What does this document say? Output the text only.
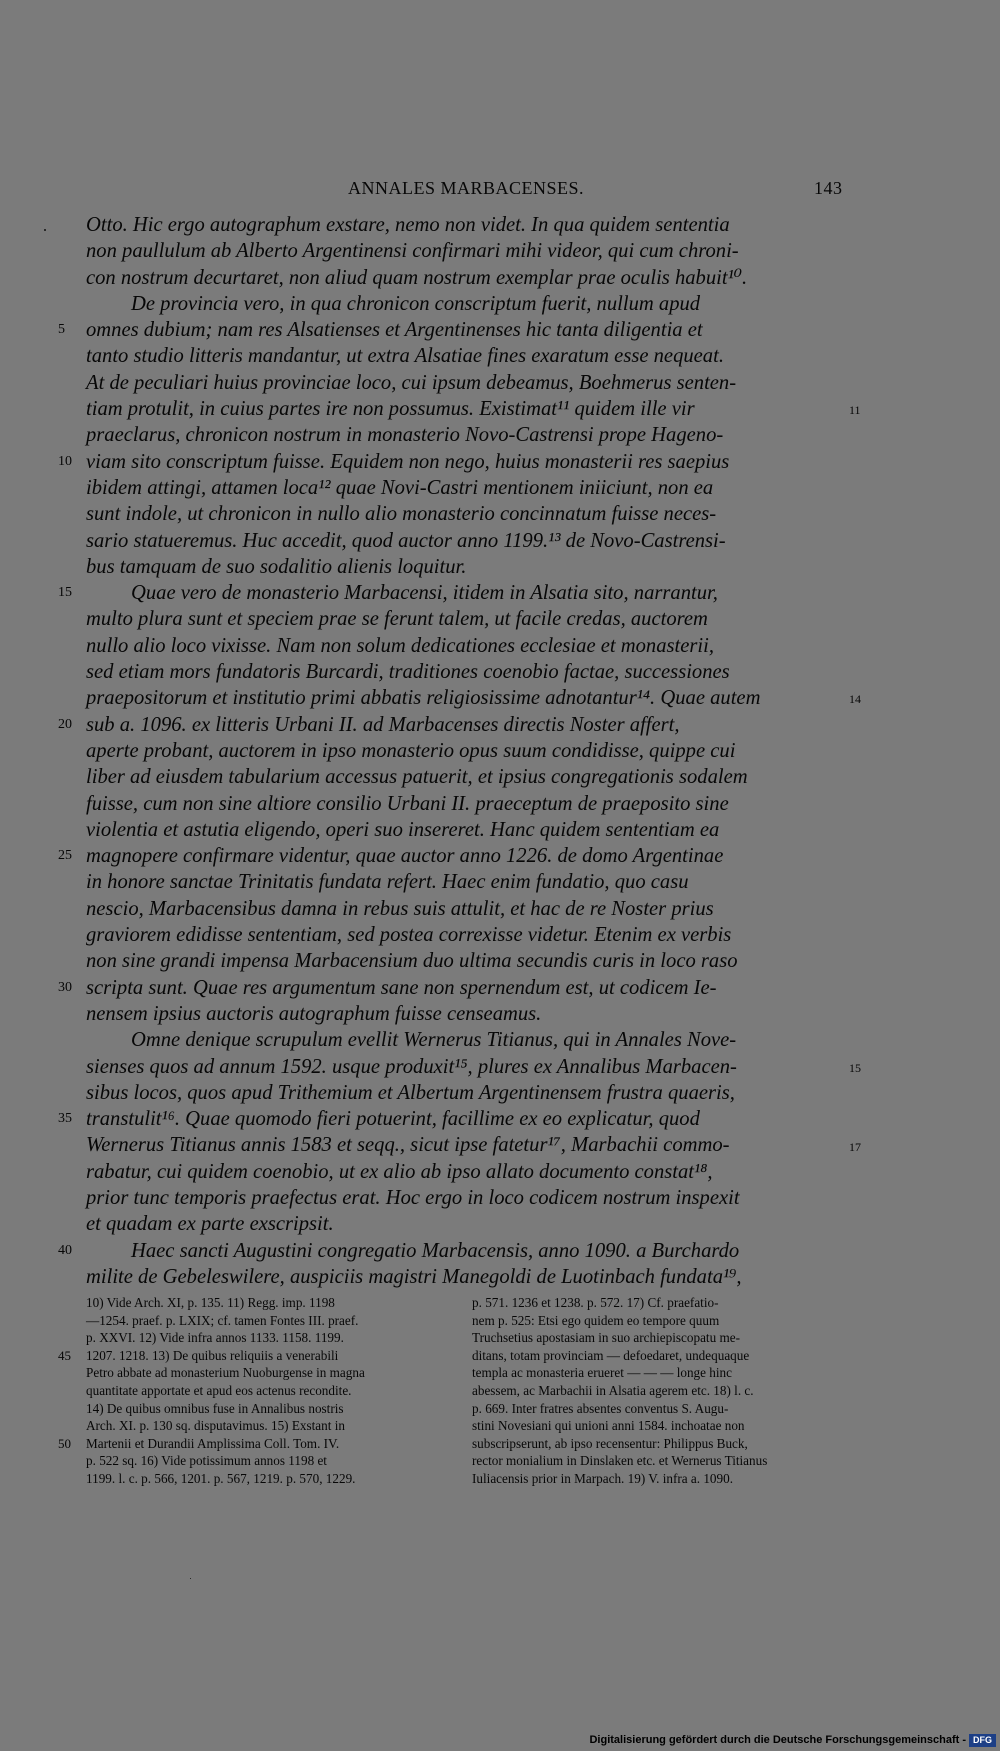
ANNALES MARBACENSES.	143
Otto. Hic ergo autographum exstare, nemo non videt. In qua quidem sententia
non paullulum ab Alberto Argentinensi confirmari mihi videor, qui cum chroni-
con nostrum decurtaret, non aliud quam nostrum exemplar prae oculis habuit¹⁰.
De provincia vero, in qua chronicon conscriptum fuerit, nullum apud
omnes dubium; nam res Alsatienses et Argentinenses hic tanta diligentia et
tanto studio litteris mandantur, ut extra Alsatiae fines exaratum esse nequeat.
At de peculiari huius provinciae loco, cui ipsum debeamus, Boehmerus senten-
tiam protulit, in cuius partes ire non possumus. Existimat¹¹ quidem ille vir
praeclarus, chronicon nostrum in monasterio Novo-Castrensi prope Hageno-
viam sito conscriptum fuisse. Equidem non nego, huius monasterii res saepius
ibidem attingi, attamen loca¹² quae Novi-Castri mentionem iniiciunt, non ea
sunt indole, ut chronicon in nullo alio monasterio concinnatum fuisse neces-
sario statueremus. Huc accedit, quod auctor anno 1199.¹³ de Novo-Castrensi-
bus tamquam de suo sodalitio alienis loquitur.
Quae vero de monasterio Marbacensi, itidem in Alsatia sito, narrantur,
multo plura sunt et speciem prae se ferunt talem, ut facile credas, auctorem
nullo alio loco vixisse. Nam non solum dedicationes ecclesiae et monasterii,
sed etiam mors fundatoris Burcardi, traditiones coenobio factae, successiones
praepositorum et institutio primi abbatis religiosissime adnotantur¹⁴. Quae autem
sub a. 1096. ex litteris Urbani II. ad Marbacenses directis Noster affert,
aperte probant, auctorem in ipso monasterio opus suum condidisse, quippe cui
liber ad eiusdem tabularium accessus patuerit, et ipsius congregationis sodalem
fuisse, cum non sine altiore consilio Urbani II. praeceptum de praeposito sine
violentia et astutia eligendo, operi suo insereret. Hanc quidem sententiam ea
magnopere confirmare videntur, quae auctor anno 1226. de domo Argentinae
in honore sanctae Trinitatis fundata refert. Haec enim fundatio, quo casu
nescio, Marbacensibus damna in rebus suis attulit, et hac de re Noster prius
graviorem edidisse sententiam, sed postea correxisse videtur. Etenim ex verbis
non sine grandi impensa Marbacensium duo ultima secundis curis in loco raso
scripta sunt. Quae res argumentum sane non spernendum est, ut codicem Ie-
nensem ipsius auctoris autographum fuisse censeamus.
Omne denique scrupulum evellit Wernerus Titianus, qui in Annales Nove-
sienses quos ad annum 1592. usque produxit¹⁵, plures ex Annalibus Marbacen-
sibus locos, quos apud Trithemium et Albertum Argentinensem frustra quaeris,
transtulit¹⁶. Quae quomodo fieri potuerint, facillime ex eo explicatur, quod
Wernerus Titianus annis 1583 et seqq., sicut ipse fatetur¹⁷, Marbachii commo-
rabatur, cui quidem coenobio, ut ex alio ab ipso allato documento constat¹⁸,
prior tunc temporis praefectus erat. Hoc ergo in loco codicem nostrum inspexit
et quadam ex parte exscripsit.
Haec sancti Augustini congregatio Marbacensis, anno 1090. a Burchardo
milite de Gebeleswilere, auspiciis magistri Manegoldi de Luotinbach fundata¹⁹,
5
10
15
20
25
30
35
40
11
14
15
17
10) Vide Arch. XI, p. 135. 11) Regg. imp. 1198
—1254. praef. p. LXIX; cf. tamen Fontes III. praef.
p. XXVI. 12) Vide infra annos 1133. 1158. 1199.
1207. 1218. 13) De quibus reliquiis a venerabili
Petro abbate ad monasterium Nuoburgense in magna
quantitate apportate et apud eos actenus recondite.
14) De quibus omnibus fuse in Annalibus nostris
Arch. XI. p. 130 sq. disputavimus. 15) Exstant in
Martenii et Durandii Amplissima Coll. Tom. IV.
p. 522 sq. 16) Vide potissimum annos 1198 et
1199. l. c. p. 566, 1201. p. 567, 1219. p. 570, 1229.
p. 571. 1236 et 1238. p. 572. 17) Cf. praefatio-
nem p. 525: Etsi ego quidem eo tempore quum
Truchsetius apostasiam in suo archiepiscopatu me-
ditans, totam provinciam — defoedaret, undequaque
templa ac monasteria erueret — — — longe hinc
abessem, ac Marbachii in Alsatia agerem etc. 18) l. c.
p. 669. Inter fratres absentes conventus S. Augu-
stini Novesiani qui unioni anni 1584. inchoatae non
subscripserunt, ab ipso recensentur: Philippus Buck,
rector monialium in Dinslaken etc. et Wernerus Titianus
Iuliacensis prior in Marpach. 19) V. infra a. 1090.
45
50
Digitalisierung gefördert durch die Deutsche Forschungsgemeinschaft - DFG
